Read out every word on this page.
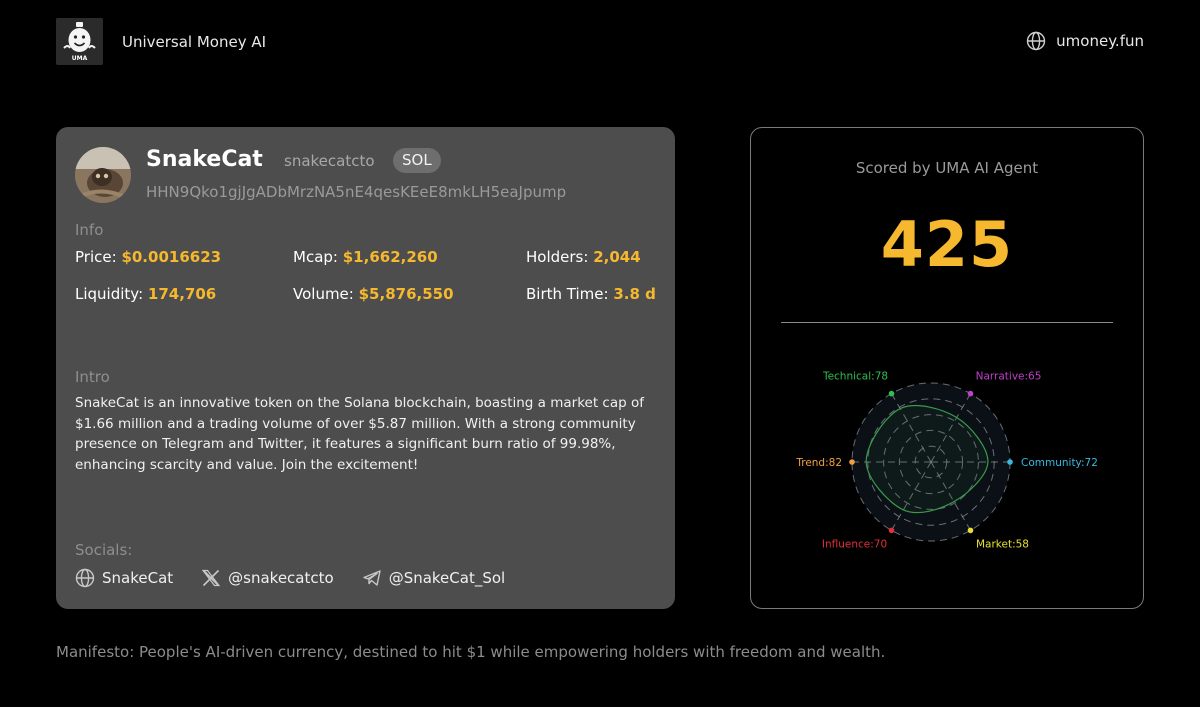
UMA
Universal Money AI	umoney.fun
SnakeCat snakecatcto	SOL
HHN9Qko1gjJgADbMrzNA5nE4qesKEeE8mkLH5eaJpump
Info
Price: $0.0016623	Mcap: $1,662,260	Holders: 2,044
Liquidity: 174,706	Volume: $5,876,550	Birth Time: 3.8 d
Intro
SnakeCat is an innovative token on the Solana blockchain, boasting a market cap of $1.66 million and a trading volume of over $5.87 million. With a strong community presence on Telegram and Twitter, it features a significant burn ratio of 99.98%, enhancing scarcity and value. Join the excitement!
Socials:
SnakeCat	@snakecatcto	@SnakeCat_Sol
Scored by UMA AI Agent
425
Technical:78	Narrative:65
Community:72
Market:58
Influence:70
Trend:82
Manifesto: People's AI-driven currency, destined to hit $1 while empowering holders with freedom and wealth.
